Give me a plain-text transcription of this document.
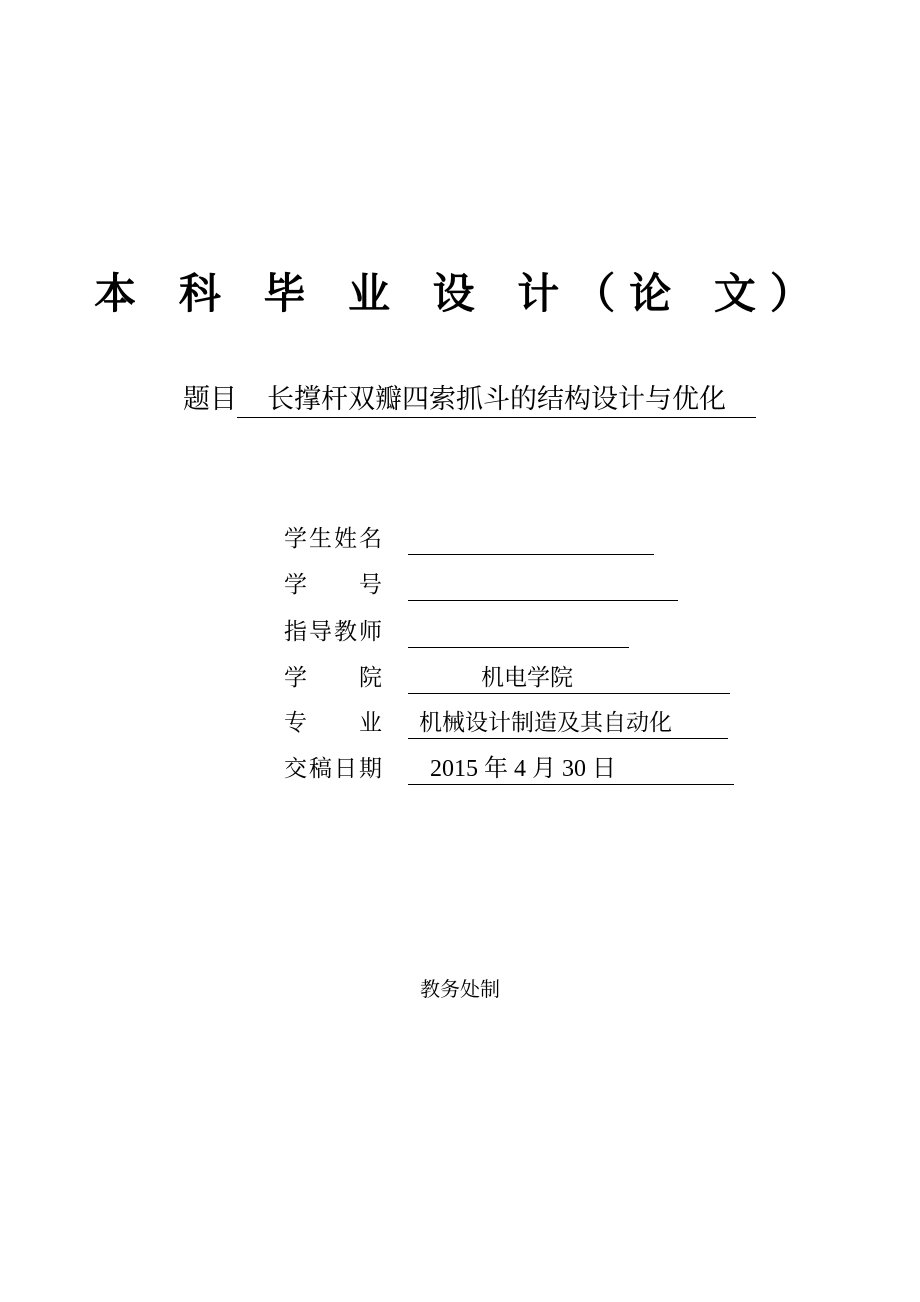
本 科 毕 业 设 计（论 文）
题目 长撑杆双瓣四索抓斗的结构设计与优化
学生姓名
学 号
指导教师
学 院	机电学院
专 业 机械设计制造及其自动化
交稿日期 2015 年 4 月 30 日
教务处制
